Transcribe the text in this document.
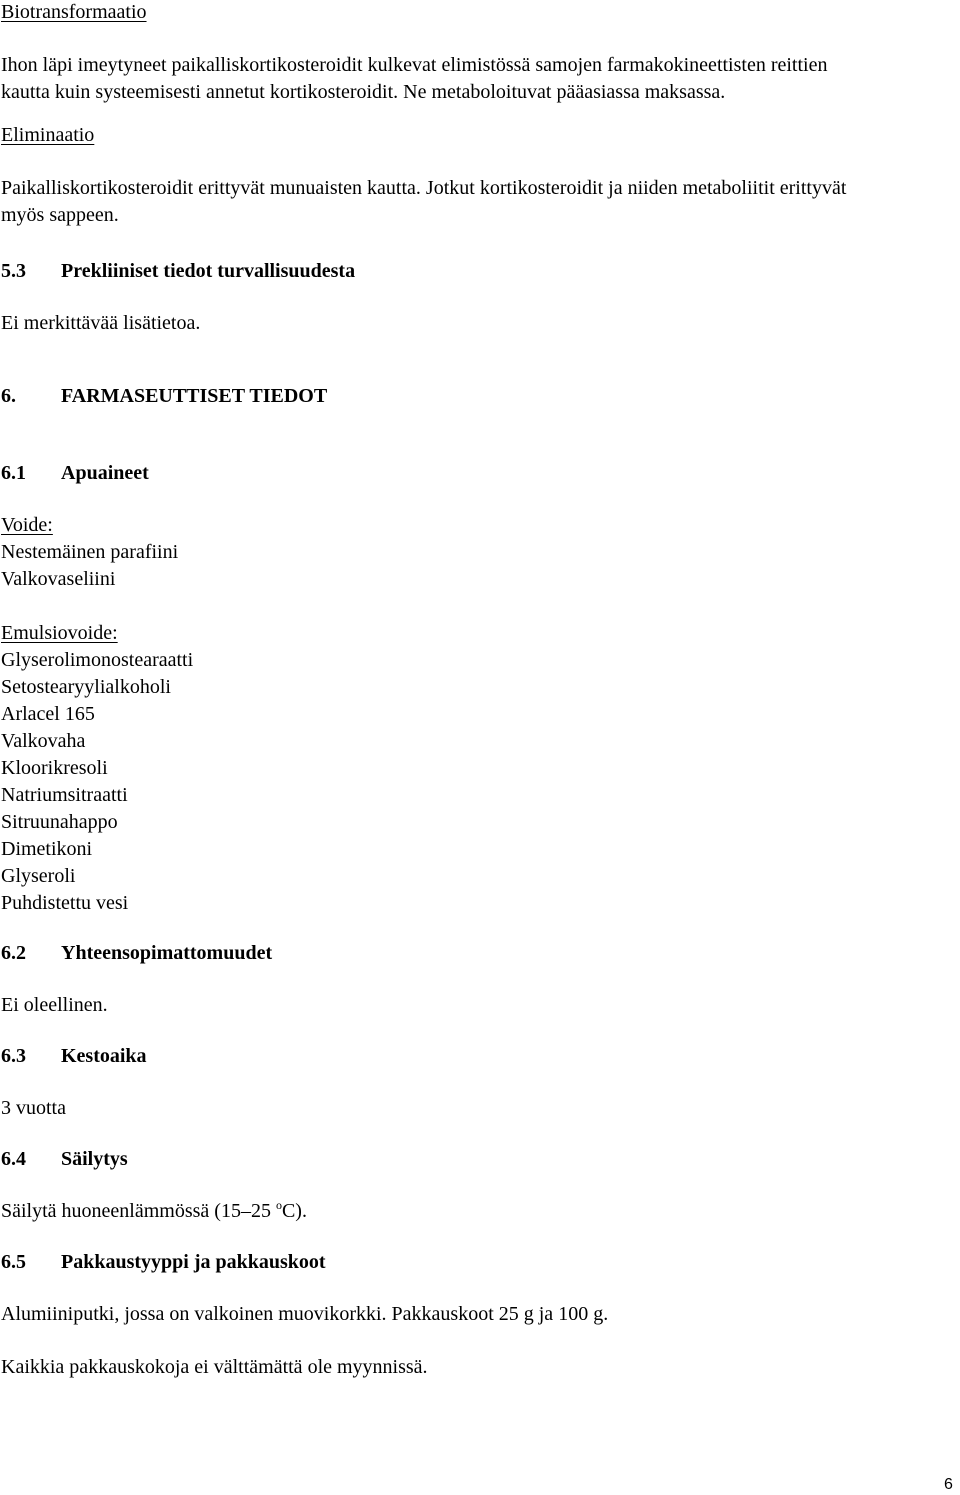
Biotransformaatio

Ihon läpi imeytyneet paikalliskortikosteroidit kulkevat elimistössä samojen farmakokineettisten reittien

kautta kuin systeemisesti annetut kortikosteroidit. Ne metaboloituvat pääasiassa maksassa.

Eliminaatio

Paikalliskortikosteroidit erittyvät munuaisten kautta. Jotkut kortikosteroidit ja niiden metaboliitit erittyvät

myös sappeen.

5.3 Prekliiniset tiedot turvallisuudesta

Ei merkittävää lisätietoa.

6. FARMASEUTTISET TIEDOT

6.1 Apuaineet

Voide:

Nestemäinen parafiini

Valkovaseliini

Emulsiovoide:

Glyserolimonostearaatti

Setostearyylialkoholi

Arlacel 165

Valkovaha

Kloorikresoli

Natriumsitraatti

Sitruunahappo

Dimetikoni

Glyseroli

Puhdistettu vesi

6.2 Yhteensopimattomuudet

Ei oleellinen.

6.3 Kestoaika

3 vuotta

6.4 Säilytys

Säilytä huoneenlämmössä (15–25 $^o$C).

6.5 Pakkaustyyppi ja pakkauskoot

Alumiiniputki, jossa on valkoinen muovikorkki. Pakkauskoot 25 g ja 100 g.

Kaikkia pakkauskokoja ei välttämättä ole myynnissä.

6
